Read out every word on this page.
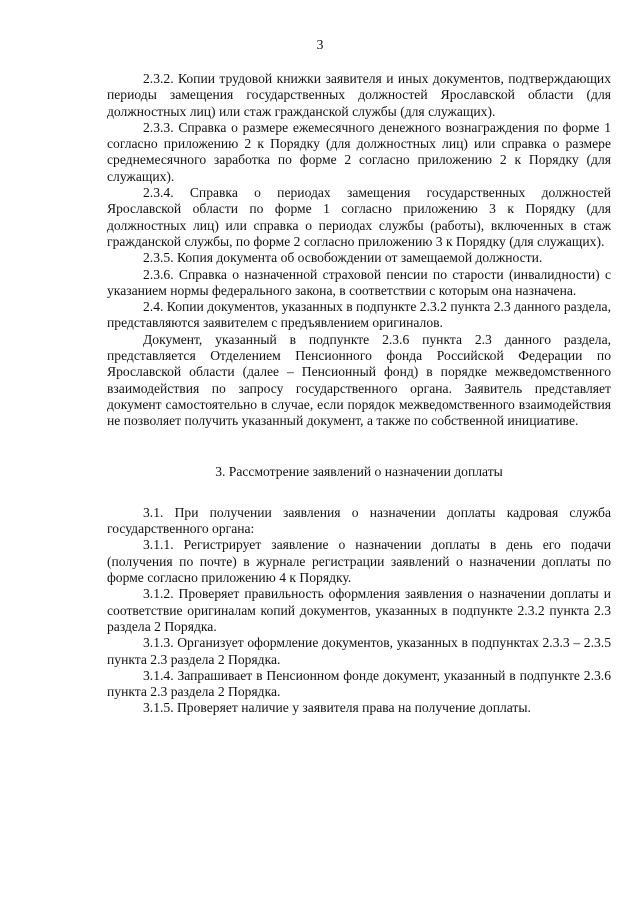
3

2.3.2. Копии трудовой книжки заявителя и иных документов, подтверждающих периоды замещения государственных должностей Ярославской области (для должностных лиц) или стаж гражданской службы (для служащих).

2.3.3. Справка о размере ежемесячного денежного вознаграждения по форме 1 согласно приложению 2 к Порядку (для должностных лиц) или справка о размере среднемесячного заработка по форме 2 согласно приложению 2 к Порядку (для служащих).

2.3.4. Справка о периодах замещения государственных должностей Ярославской области по форме 1 согласно приложению 3 к Порядку (для должностных лиц) или справка о периодах службы (работы), включенных в стаж гражданской службы, по форме 2 согласно приложению 3 к Порядку (для служащих).

2.3.5. Копия документа об освобождении от замещаемой должности.

2.3.6. Справка о назначенной страховой пенсии по старости (инвалидности) с указанием нормы федерального закона, в соответствии с которым она назначена.

2.4. Копии документов, указанных в подпункте 2.3.2 пункта 2.3 данного раздела, представляются заявителем с предъявлением оригиналов.

Документ, указанный в подпункте 2.3.6 пункта 2.3 данного раздела, представляется Отделением Пенсионного фонда Российской Федерации по Ярославской области (далее – Пенсионный фонд) в порядке межведомственного взаимодействия по запросу государственного органа. Заявитель представляет документ самостоятельно в случае, если порядок межведомственного взаимодействия не позволяет получить указанный документ, а также по собственной инициативе.

3. Рассмотрение заявлений о назначении доплаты

3.1. При получении заявления о назначении доплаты кадровая служба государственного органа:

3.1.1. Регистрирует заявление о назначении доплаты в день его подачи (получения по почте) в журнале регистрации заявлений о назначении доплаты по форме согласно приложению 4 к Порядку.

3.1.2. Проверяет правильность оформления заявления о назначении доплаты и соответствие оригиналам копий документов, указанных в подпункте 2.3.2 пункта 2.3 раздела 2 Порядка.

3.1.3. Организует оформление документов, указанных в подпунктах 2.3.3 – 2.3.5 пункта 2.3 раздела 2 Порядка.

3.1.4. Запрашивает в Пенсионном фонде документ, указанный в подпункте 2.3.6 пункта 2.3 раздела 2 Порядка.

3.1.5. Проверяет наличие у заявителя права на получение доплаты.
